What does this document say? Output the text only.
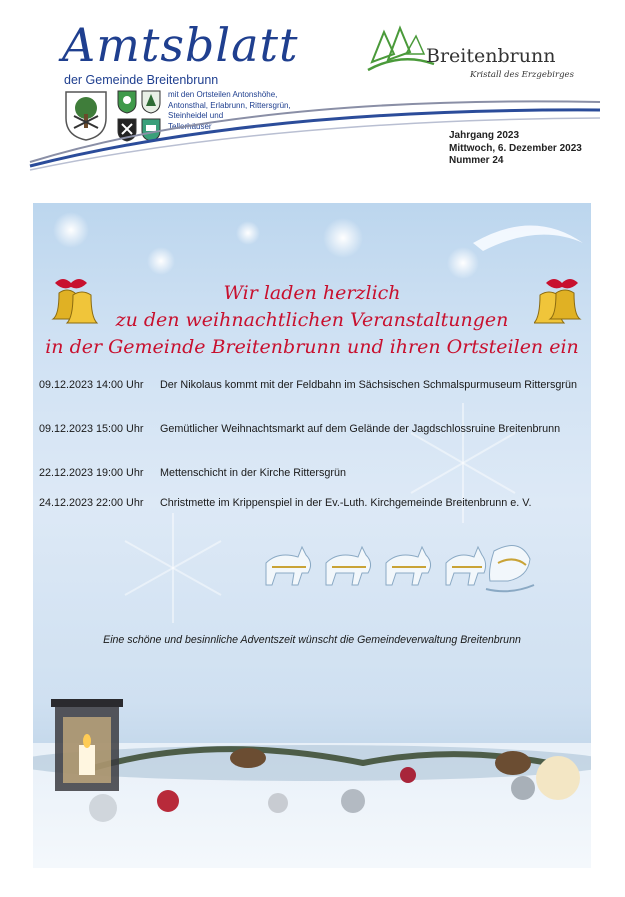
Amtsblatt
der Gemeinde Breitenbrunn
mit den Ortsteilen Antonshöhe,
Antonsthal, Erlabrunn, Rittersgrün,
Steinheidel und
Tellerhäuser
Breitenbrunn
Kristall des Erzgebirges
Jahrgang 2023
Mittwoch, 6. Dezember 2023
Nummer 24
Wir laden herzlich
zu den weihnachtlichen Veranstaltungen
in der Gemeinde Breitenbrunn und ihren Ortsteilen ein
09.12.2023 14:00 Uhr Der Nikolaus kommt mit der Feldbahn im Sächsischen Schmalspurmuseum Rittersgrün
09.12.2023 15:00 Uhr Gemütlicher Weihnachtsmarkt auf dem Gelände der Jagdschlossruine Breitenbrunn
22.12.2023 19:00 Uhr Mettenschicht in der Kirche Rittersgrün
24.12.2023 22:00 Uhr Christmette im Krippenspiel in der Ev.-Luth. Kirchgemeinde Breitenbrunn e. V.
Eine schöne und besinnliche Adventszeit wünscht die Gemeindeverwaltung Breitenbrunn
